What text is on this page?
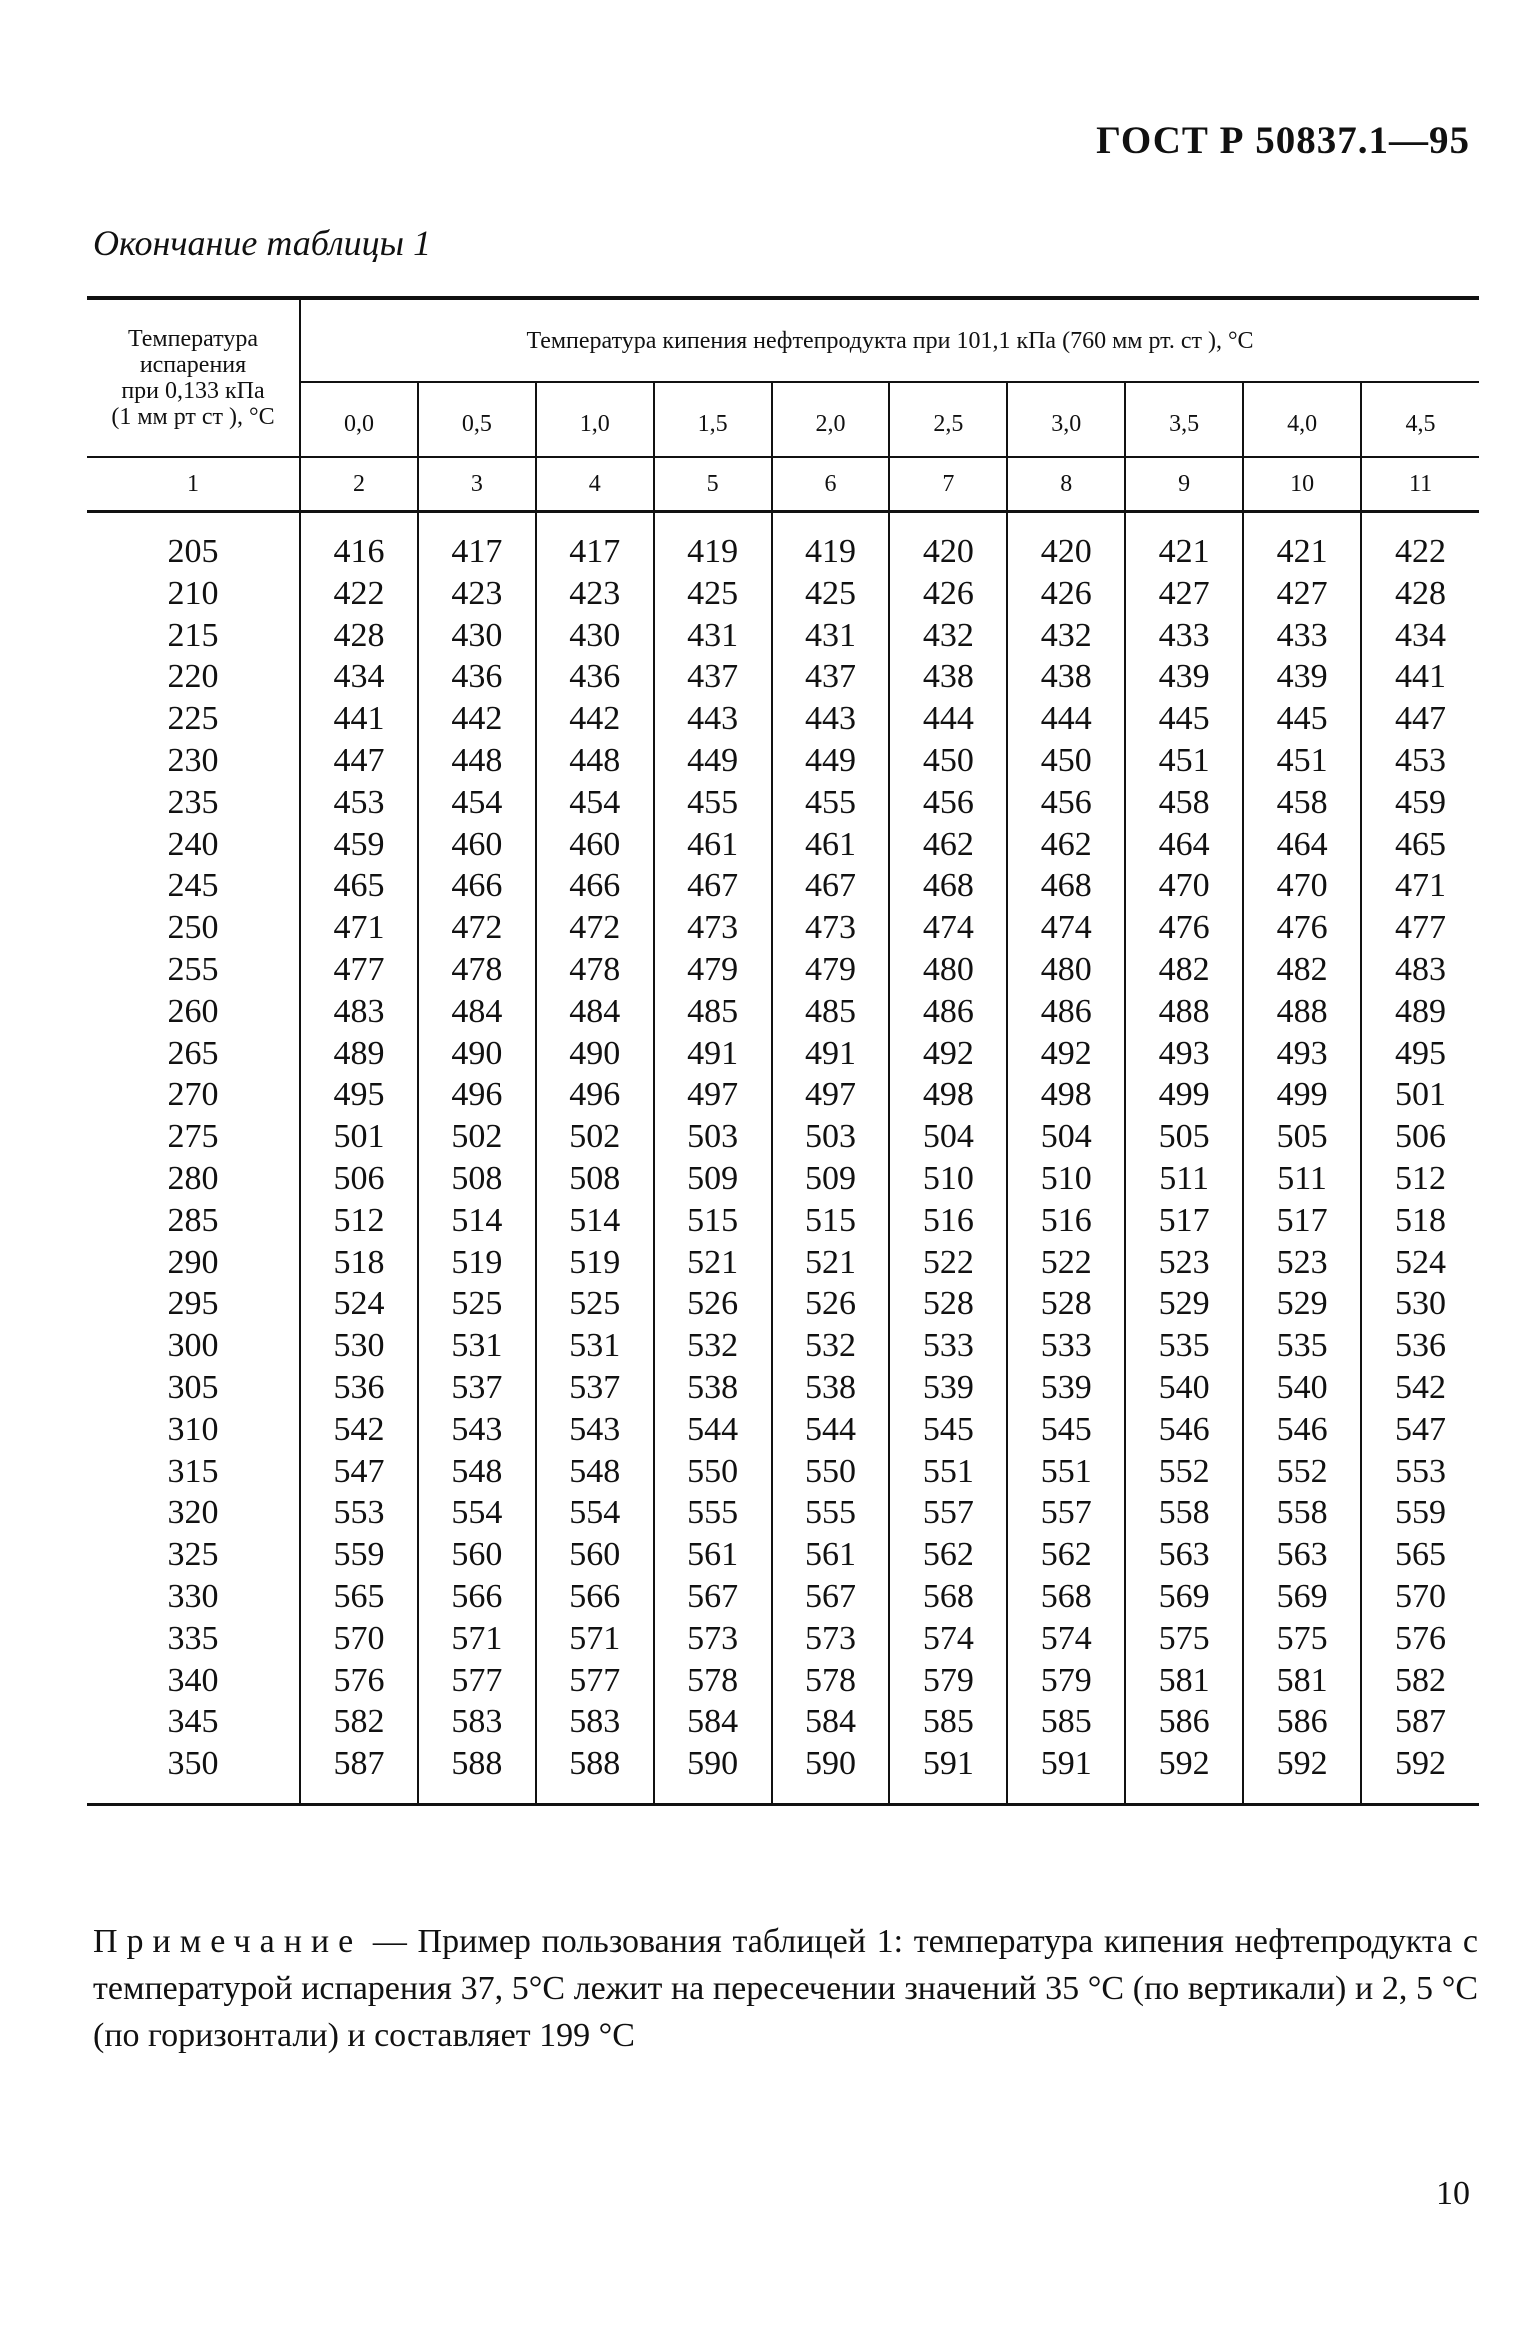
ГОСТ Р 50837.1—95
Окончание таблицы 1
Температура
испарения
при 0,133 кПа
(1 мм рт ст ), °С	Температура кипения нефтепродукта при 101,1 кПа (760 мм рт. ст ), °С									
	0,0	0,5	1,0	1,5	2,0	2,5	3,0	3,5	4,0	4,5
1	2	3	4	5	6	7	8	9	10	11
205	416	417	417	419	419	420	420	421	421	422
210	422	423	423	425	425	426	426	427	427	428
215	428	430	430	431	431	432	432	433	433	434
220	434	436	436	437	437	438	438	439	439	441
225	441	442	442	443	443	444	444	445	445	447
230	447	448	448	449	449	450	450	451	451	453
235	453	454	454	455	455	456	456	458	458	459
240	459	460	460	461	461	462	462	464	464	465
245	465	466	466	467	467	468	468	470	470	471
250	471	472	472	473	473	474	474	476	476	477
255	477	478	478	479	479	480	480	482	482	483
260	483	484	484	485	485	486	486	488	488	489
265	489	490	490	491	491	492	492	493	493	495
270	495	496	496	497	497	498	498	499	499	501
275	501	502	502	503	503	504	504	505	505	506
280	506	508	508	509	509	510	510	511	511	512
285	512	514	514	515	515	516	516	517	517	518
290	518	519	519	521	521	522	522	523	523	524
295	524	525	525	526	526	528	528	529	529	530
300	530	531	531	532	532	533	533	535	535	536
305	536	537	537	538	538	539	539	540	540	542
310	542	543	543	544	544	545	545	546	546	547
315	547	548	548	550	550	551	551	552	552	553
320	553	554	554	555	555	557	557	558	558	559
325	559	560	560	561	561	562	562	563	563	565
330	565	566	566	567	567	568	568	569	569	570
335	570	571	571	573	573	574	574	575	575	576
340	576	577	577	578	578	579	579	581	581	582
345	582	583	583	584	584	585	585	586	586	587
350	587	588	588	590	590	591	591	592	592	592
Примечание — Пример пользования таблицей 1: температура кипения нефтепродукта с температурой испарения 37, 5°С лежит на пересечении значений 35 °С (по вертикали) и 2, 5 °С (по горизонтали) и составляет 199 °С
10
